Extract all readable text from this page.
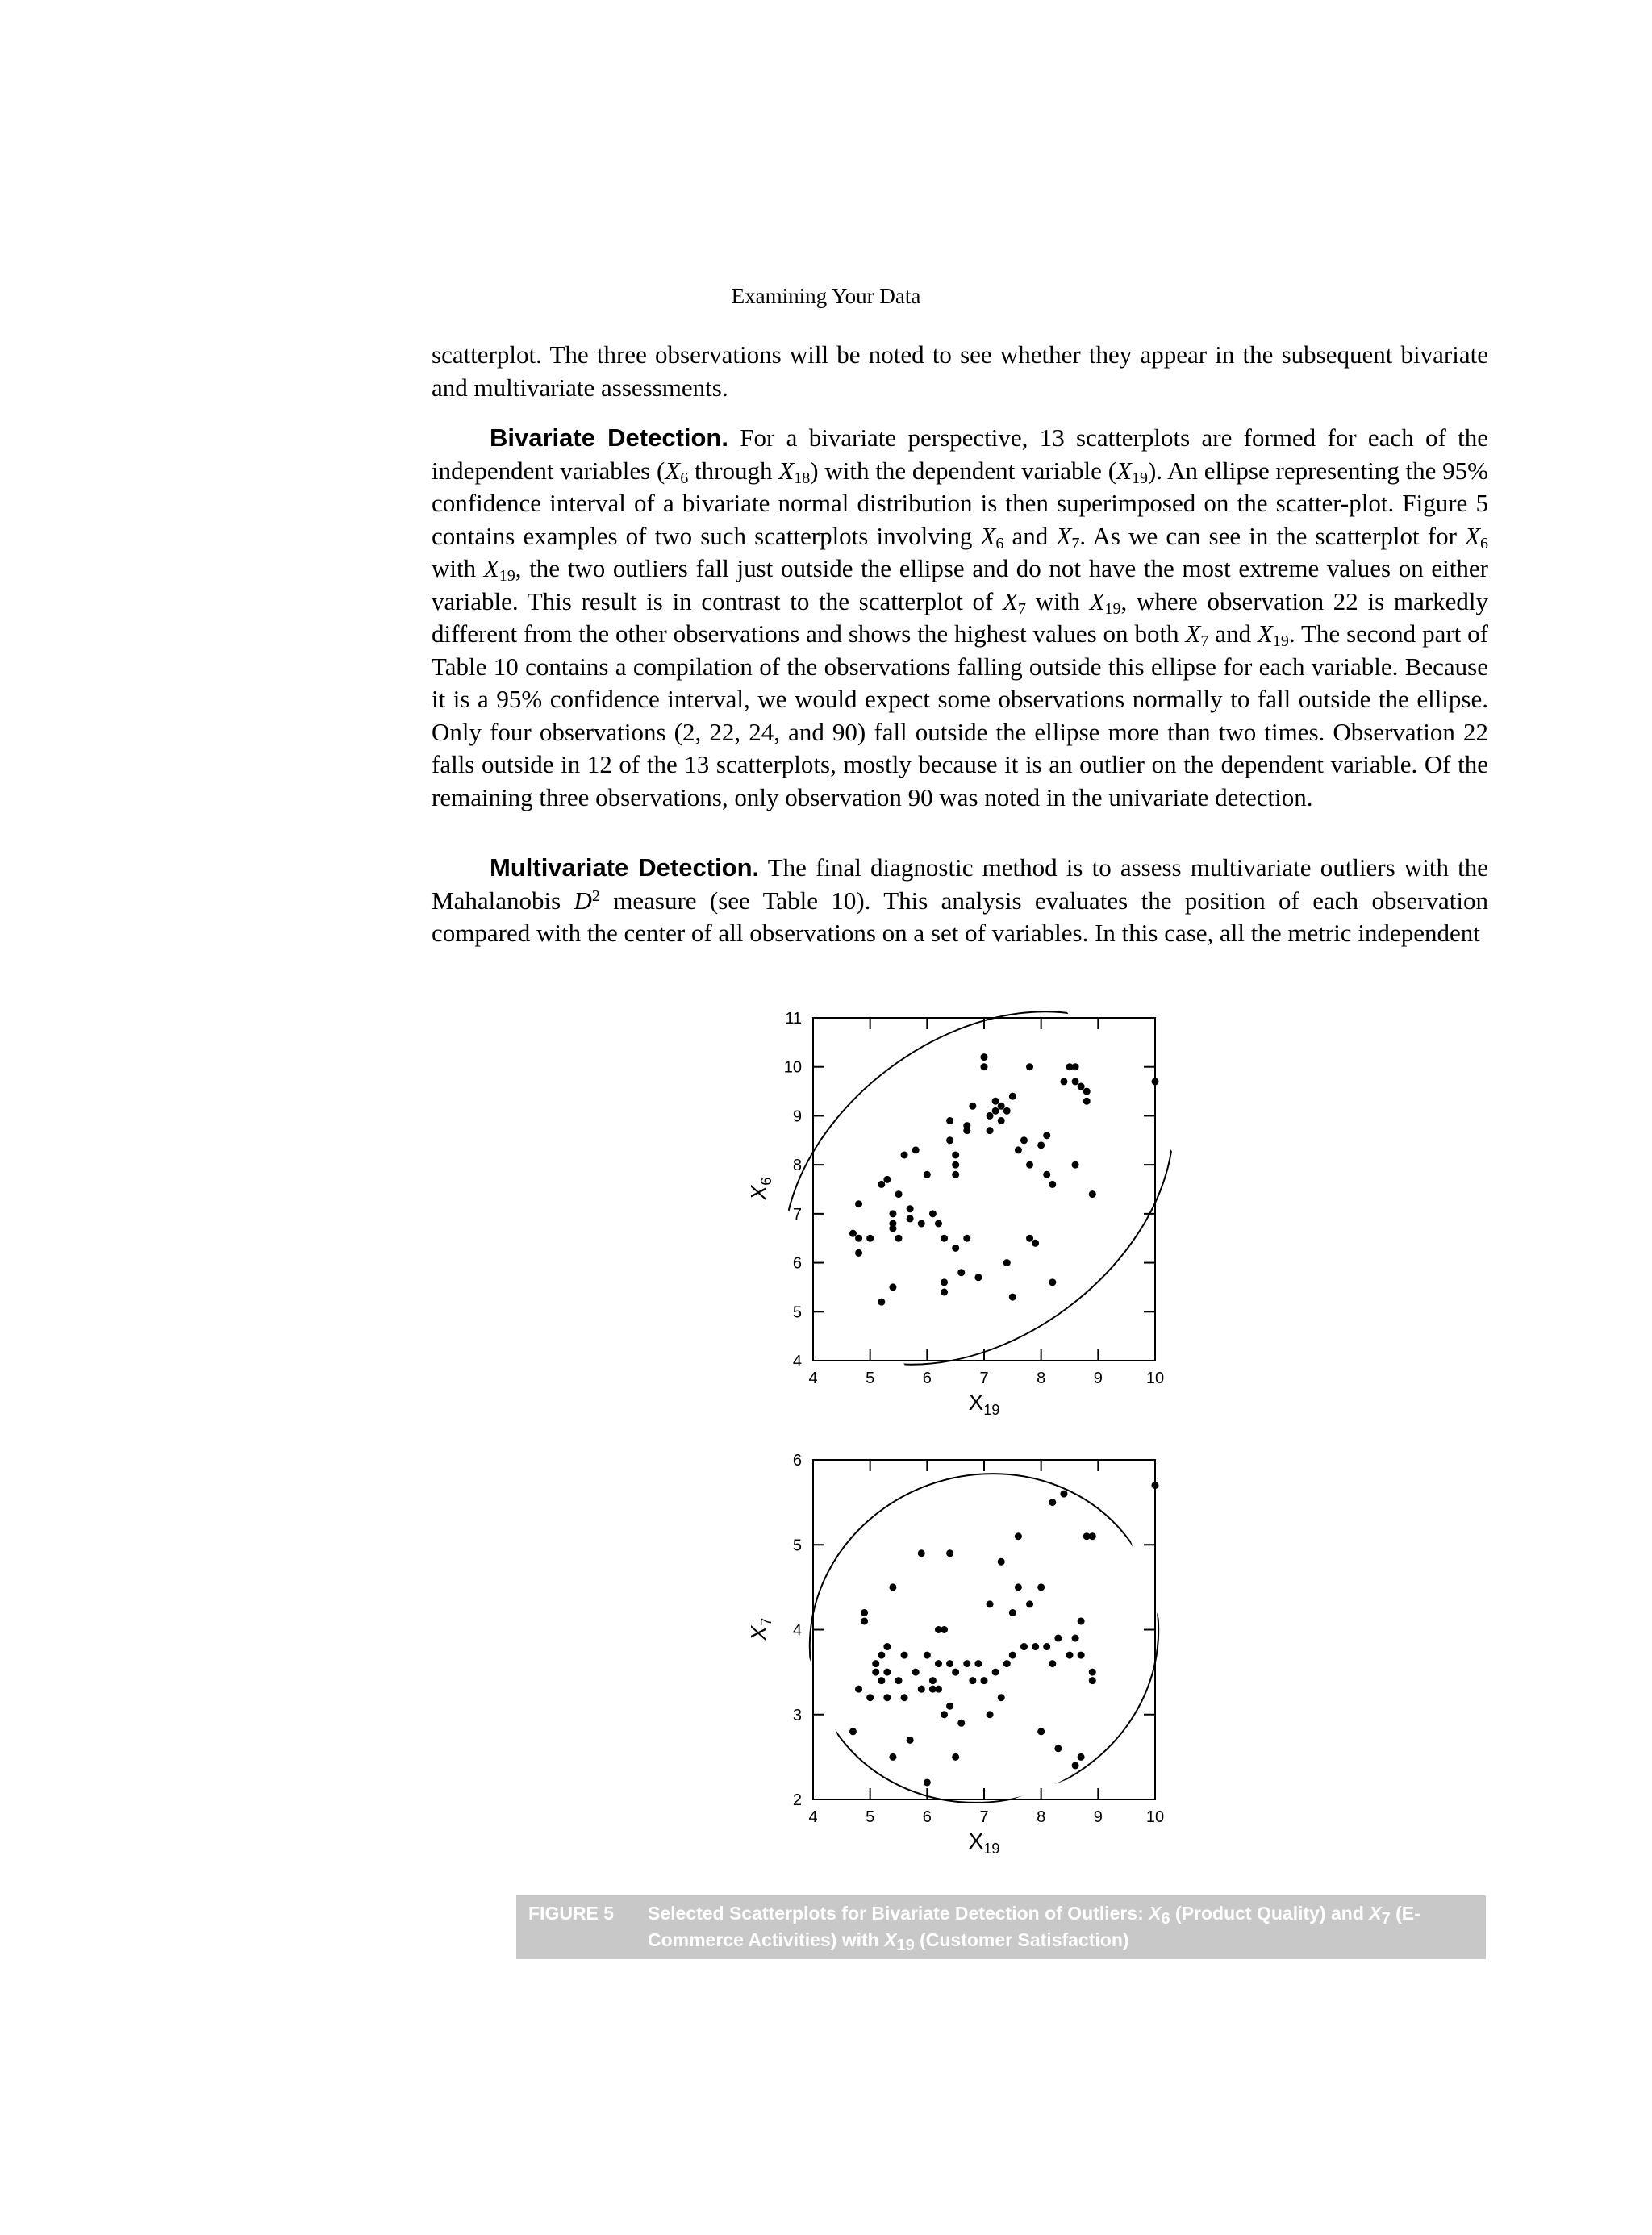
Examining Your Data

scatterplot. The three observations will be noted to see whether they appear in the subsequent bivariate and multivariate assessments.

Bivariate Detection. For a bivariate perspective, 13 scatterplots are formed for each of the independent variables ($X_6$ through $X_{18}$) with the dependent variable $(X_{19})$. An ellipse representing the 95% confidence interval of a bivariate normal distribution is then superimposed on the scatter-plot. Figure 5 contains examples of two such scatterplots involving $X_6$ and $X_7$. As we can see in the scatterplot for $X_6$ with $X_{19}$, the two outliers fall just outside the ellipse and do not have the most extreme values on either variable. This result is in contrast to the scatterplot of $X_7$ with $X_{19}$, where observation 22 is markedly different from the other observations and shows the highest values on both $X_7$ and $X_{19}$. The second part of Table 10 contains a compilation of the observations falling outside this ellipse for each variable. Because it is a 95% confidence interval, we would expect some observations normally to fall outside the ellipse. Only four observations (2, 22, 24, and 90) fall outside the ellipse more than two times. Observation 22 falls outside in 12 of the 13 scatterplots, mostly because it is an outlier on the dependent variable. Of the remaining three observations, only observation 90 was noted in the univariate detection.

Multivariate Detection. The final diagnostic method is to assess multivariate outliers with the Mahalanobis $D^2$ measure (see Table 10). This analysis evaluates the position of each observation compared with the center of all observations on a set of variables. In this case, all the metric independent

4	5	6	7	8	9	10
4
5
6
7
8
9
10
11
$X_{19}$
$X_6$
4	5	6	7	8	9	10
2
3
4
5
6
$X_{19}$
$X_7$
FIGURE 5 Selected Scatterplots for Bivariate Detection of Outliers: $X_6$ (Product Quality) and $X_7$ (E-Commerce Activities) with $X_{19}$ (Customer Satisfaction)
